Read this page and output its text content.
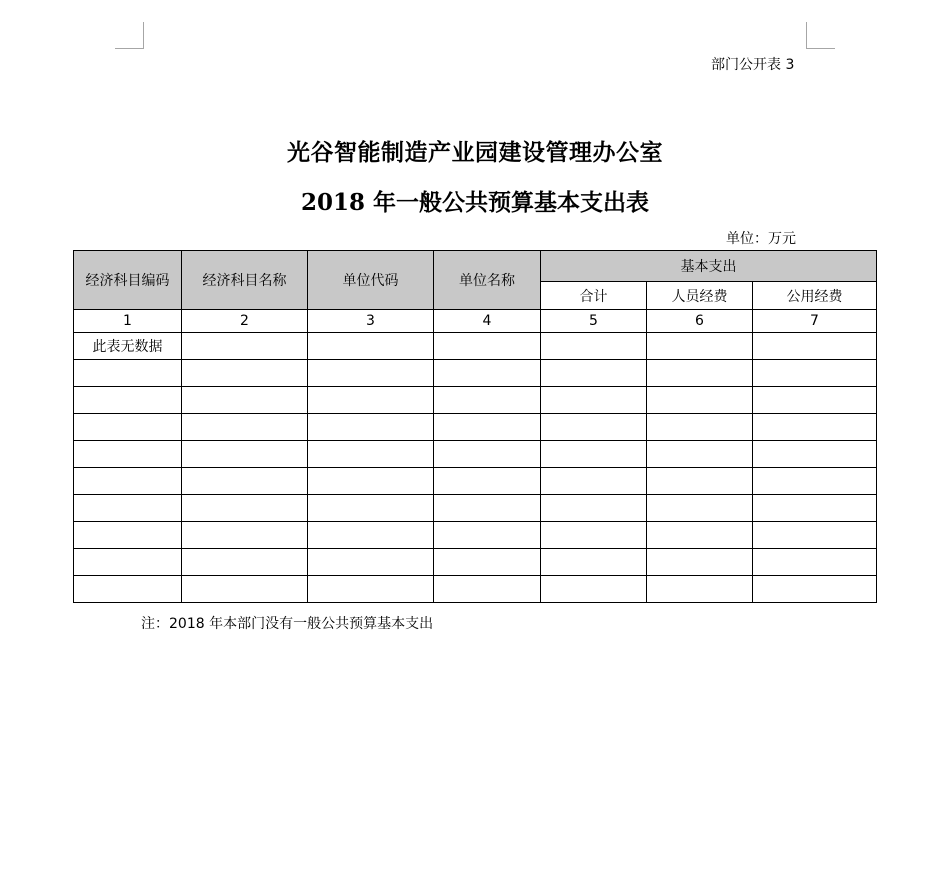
部门公开表 3
光谷智能制造产业园建设管理办公室
2018 年一般公共预算基本支出表
单位：万元
经济科目编码	经济科目名称	单位代码	单位名称	基本支出		
				合计	人员经费	公用经费
1	2	3	4	5	6	7
此表无数据						

注：2018 年本部门没有一般公共预算基本支出
